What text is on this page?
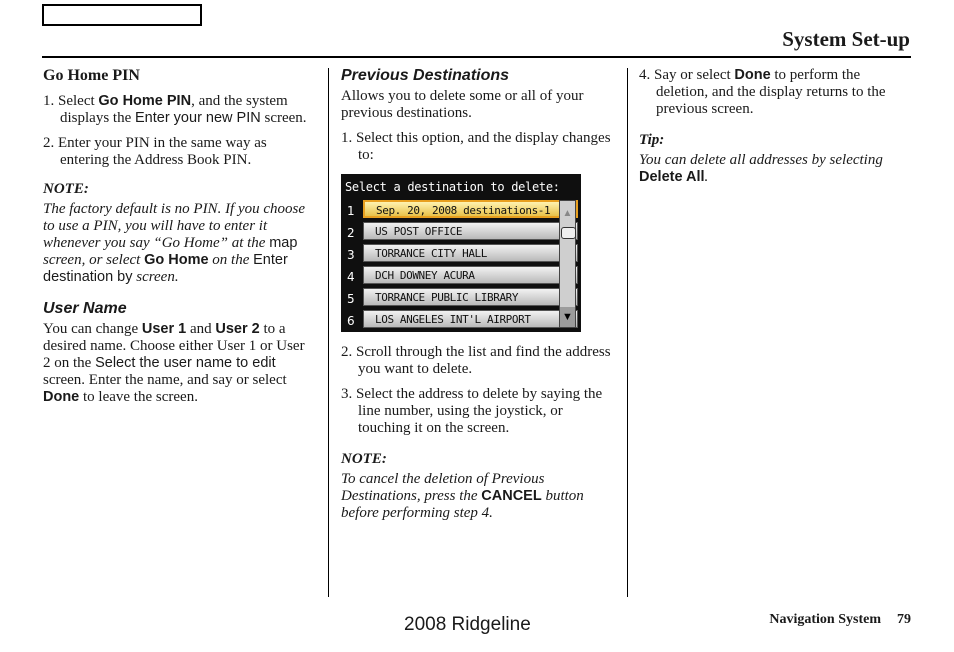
System Set-up
Go Home PIN

1. Select Go Home PIN, and the system displays the Enter your new PIN screen.

2. Enter your PIN in the same way as entering the Address Book PIN.

NOTE:

The factory default is no PIN. If you choose to use a PIN, you will have to enter it whenever you say “Go Home” at the map screen, or select Go Home on the Enter destination by screen.

User Name

You can change User 1 and User 2 to a desired name. Choose either User 1 or User 2 on the Select the user name to edit screen. Enter the name, and say or select Done to leave the screen.

Previous Destinations

Allows you to delete some or all of your previous destinations.

1. Select this option, and the display changes to:

Select a destination to delete:
1	Sep. 20, 2008 destinations-1
2	US POST OFFICE
3	TORRANCE CITY HALL
4	DCH DOWNEY ACURA
5	TORRANCE PUBLIC LIBRARY
6	LOS ANGELES INT'L AIRPORT
▲
▼

2. Scroll through the list and find the address you want to delete.

3. Select the address to delete by saying the line number, using the joystick, or touching it on the screen.

NOTE:

To cancel the deletion of Previous Destinations, press the CANCEL button before performing step 4.

4. Say or select Done to perform the deletion, and the display returns to the previous screen.

Tip:

You can delete all addresses by selecting Delete All.

2008 Ridgeline	Navigation System 79
